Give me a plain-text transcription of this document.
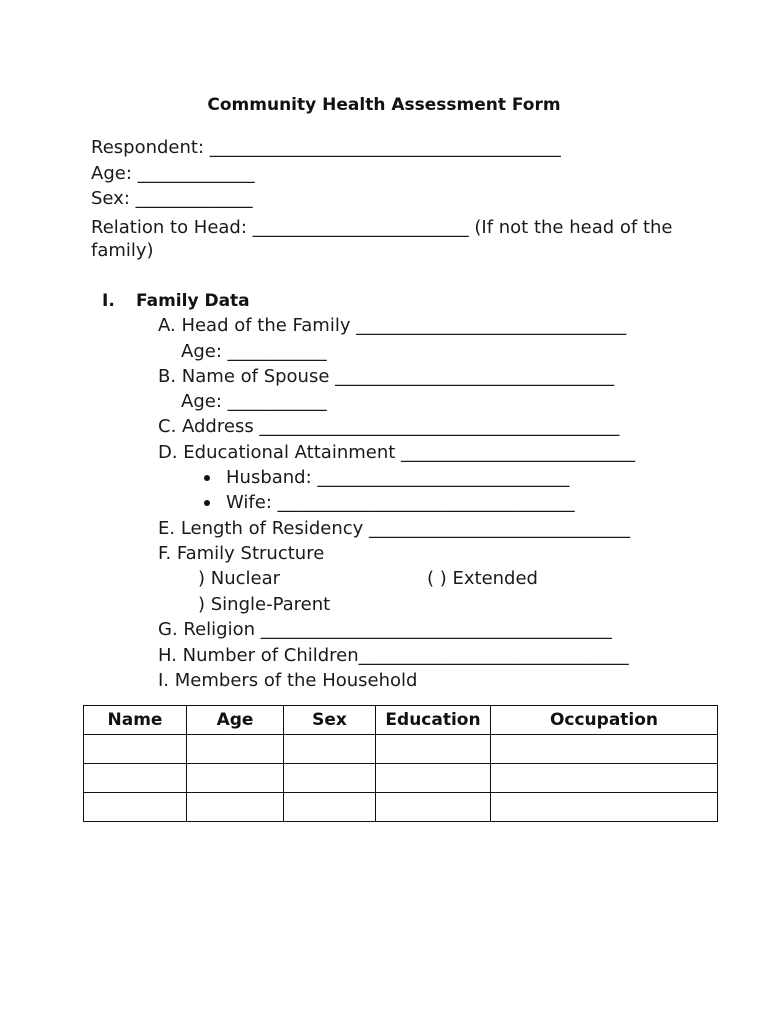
Community Health Assessment Form
Respondent: _______________________________________
Age: _____________
Sex: _____________
Relation to Head: ________________________ (If not the head of the
family)
I. Family Data
A. Head of the Family ______________________________
Age: ___________
B. Name of Spouse _______________________________
Age: ___________
C. Address ________________________________________
D. Educational Attainment __________________________
Husband: ____________________________
Wife: _________________________________
E. Length of Residency _____________________________
F. Family Structure
) Nuclear	( ) Extended
) Single-Parent
G. Religion _______________________________________
H. Number of Children______________________________
I. Members of the Household
Name	Age	Sex	Education	Occupation
